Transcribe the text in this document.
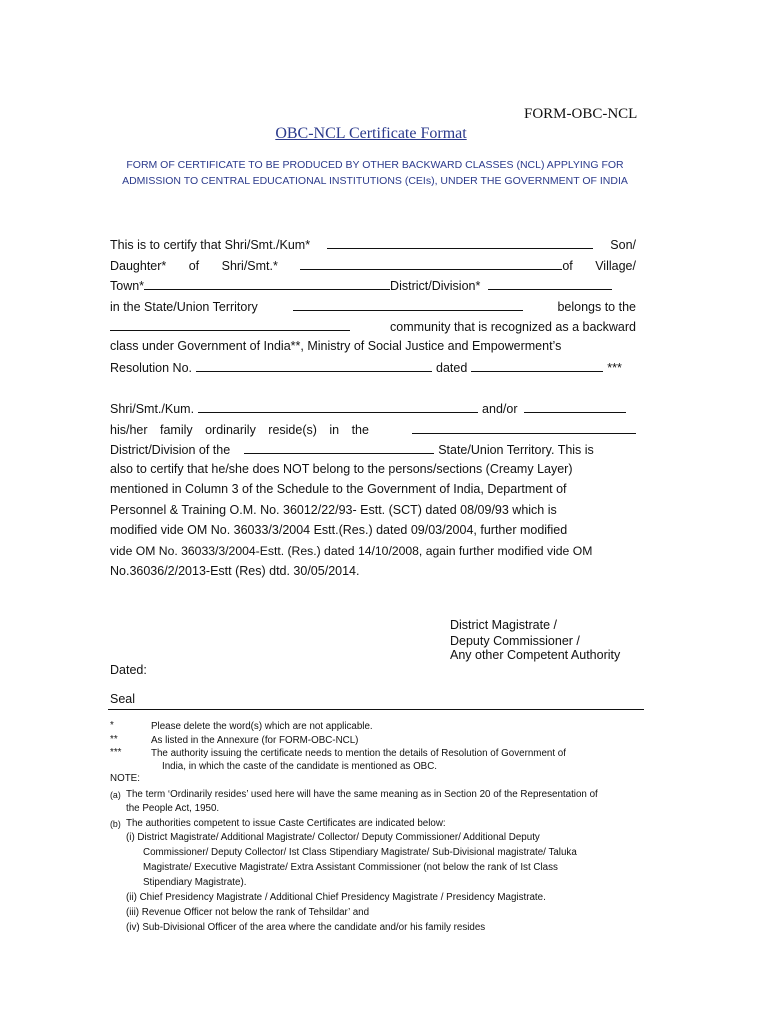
FORM-OBC-NCL
OBC-NCL Certificate Format
FORM OF CERTIFICATE TO BE PRODUCED BY OTHER BACKWARD CLASSES (NCL) APPLYING FOR ADMISSION TO CENTRAL EDUCATIONAL INSTITUTIONS (CEIs), UNDER THE GOVERNMENT OF INDIA
This is to certify that Shri/Smt./Kum*	Son/
Daughter* of Shri/Smt.*	of Village/
Town*	District/Division*
in the State/Union Territory	belongs to the
community that is recognized as a backward
class under Government of India**, Ministry of Social Justice and Empowerment’s
Resolution No.	dated	***
Shri/Smt./Kum.	and/or
his/her family ordinarily reside(s) in the
District/Division of the	State/Union Territory. This is
also to certify that he/she does NOT belong to the persons/sections (Creamy Layer)
mentioned in Column 3 of the Schedule to the Government of India, Department of
Personnel & Training O.M. No. 36012/22/93- Estt. (SCT) dated 08/09/93 which is
modified vide OM No. 36033/3/2004 Estt.(Res.) dated 09/03/2004, further modified
vide OM No. 36033/3/2004-Estt. (Res.) dated 14/10/2008, again further modified vide OM
No.36036/2/2013-Estt (Res) dtd. 30/05/2014.
District Magistrate /
Deputy Commissioner /
Any other Competent Authority
Dated:
Seal
*	Please delete the word(s) which are not applicable.
**	As listed in the Annexure (for FORM-OBC-NCL)
***	The authority issuing the certificate needs to mention the details of Resolution of Government of
India, in which the caste of the candidate is mentioned as OBC.
NOTE:
(a) The term ‘Ordinarily resides’ used here will have the same meaning as in Section 20 of the Representation of
the People Act, 1950.
(b) The authorities competent to issue Caste Certificates are indicated below:
(i) District Magistrate/ Additional Magistrate/ Collector/ Deputy Commissioner/ Additional Deputy
Commissioner/ Deputy Collector/ Ist Class Stipendiary Magistrate/ Sub-Divisional magistrate/ Taluka
Magistrate/ Executive Magistrate/ Extra Assistant Commissioner (not below the rank of Ist Class
Stipendiary Magistrate).
(ii) Chief Presidency Magistrate / Additional Chief Presidency Magistrate / Presidency Magistrate.
(iii) Revenue Officer not below the rank of Tehsildar’ and
(iv) Sub-Divisional Officer of the area where the candidate and/or his family resides
